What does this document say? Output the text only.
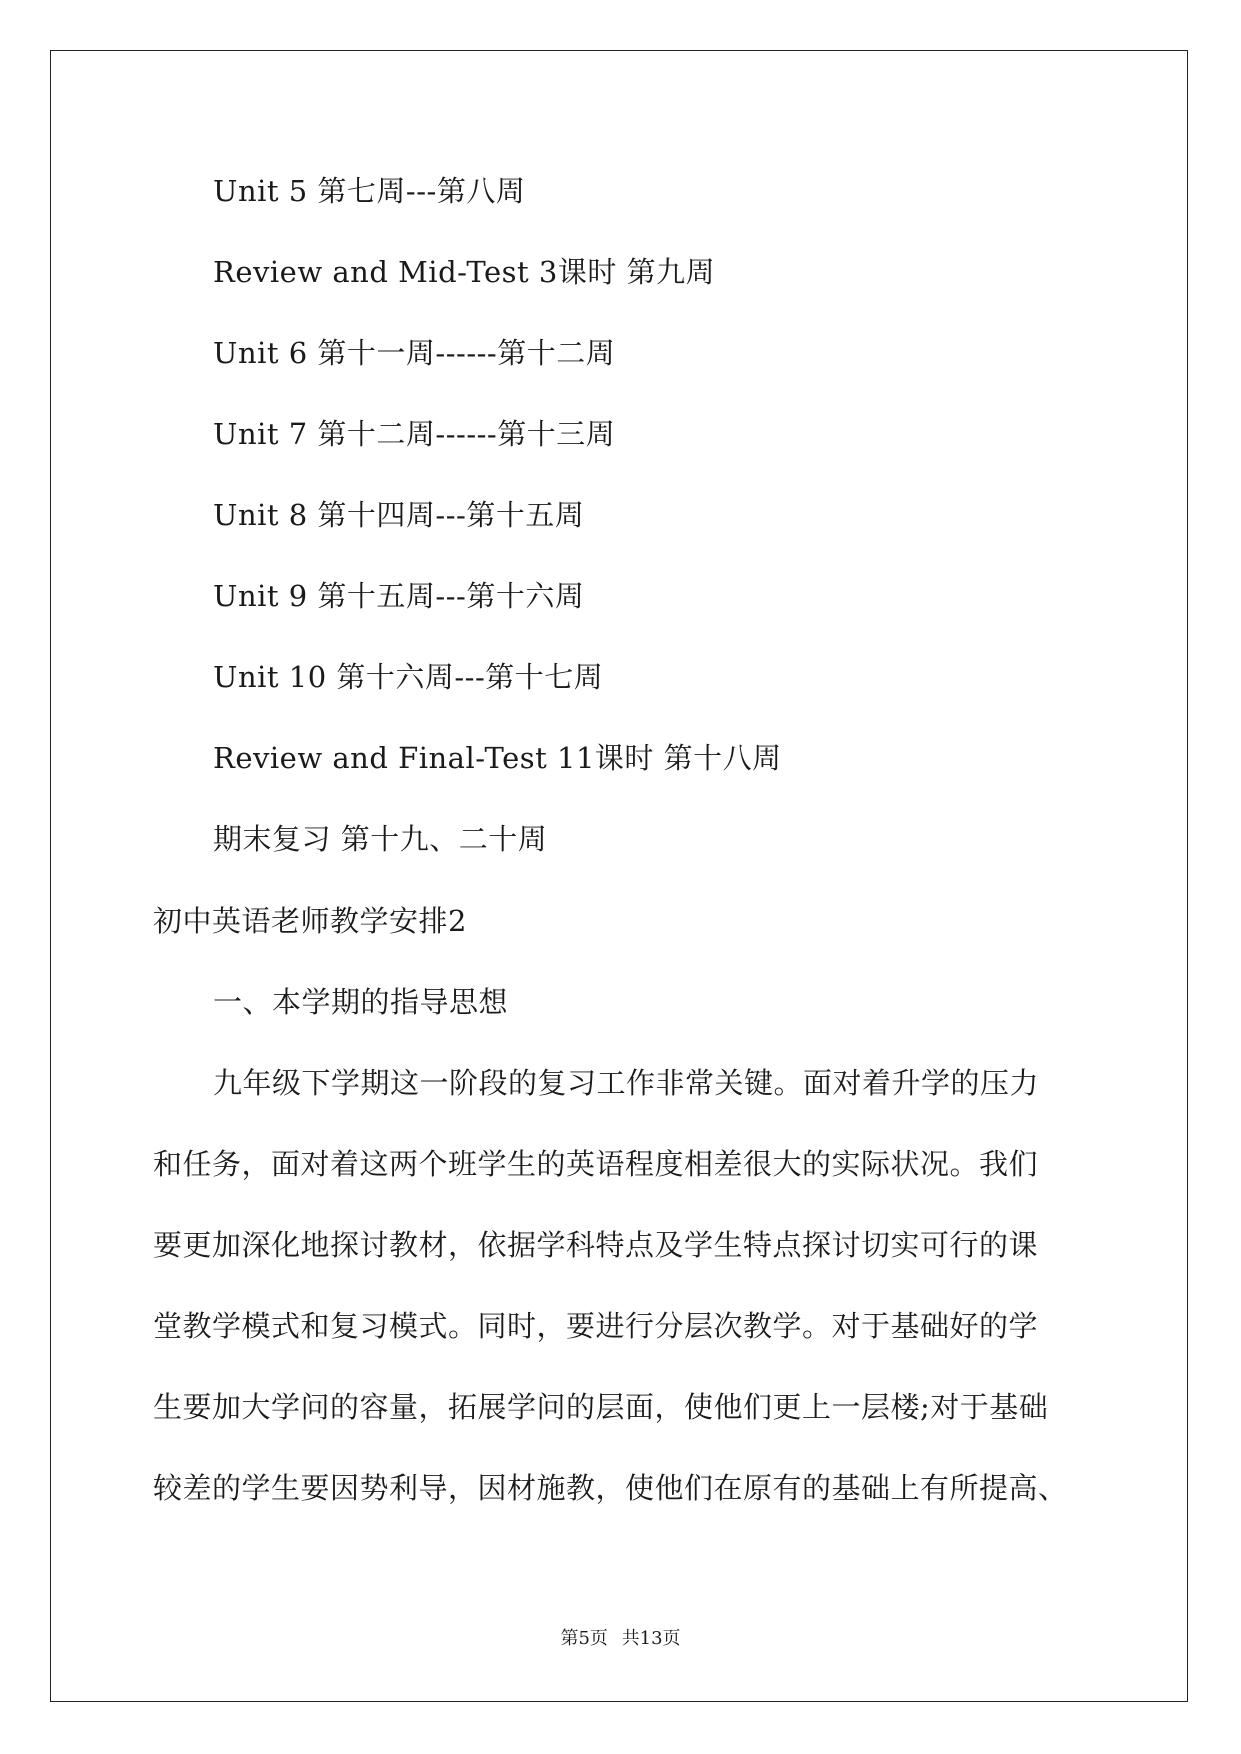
Unit 5 第七周---第八周
Review and Mid-Test 3课时 第九周
Unit 6 第十一周------第十二周
Unit 7 第十二周------第十三周
Unit 8 第十四周---第十五周
Unit 9 第十五周---第十六周
Unit 10 第十六周---第十七周
Review and Final-Test 11课时 第十八周
期末复习 第十九、二十周
初中英语老师教学安排2
一、本学期的指导思想
九年级下学期这一阶段的复习工作非常关键。面对着升学的压力
和任务，面对着这两个班学生的英语程度相差很大的实际状况。我们
要更加深化地探讨教材，依据学科特点及学生特点探讨切实可行的课
堂教学模式和复习模式。同时，要进行分层次教学。对于基础好的学
生要加大学问的容量，拓展学问的层面，使他们更上一层楼;对于基础
较差的学生要因势利导，因材施教，使他们在原有的基础上有所提高、
第5页 共13页
